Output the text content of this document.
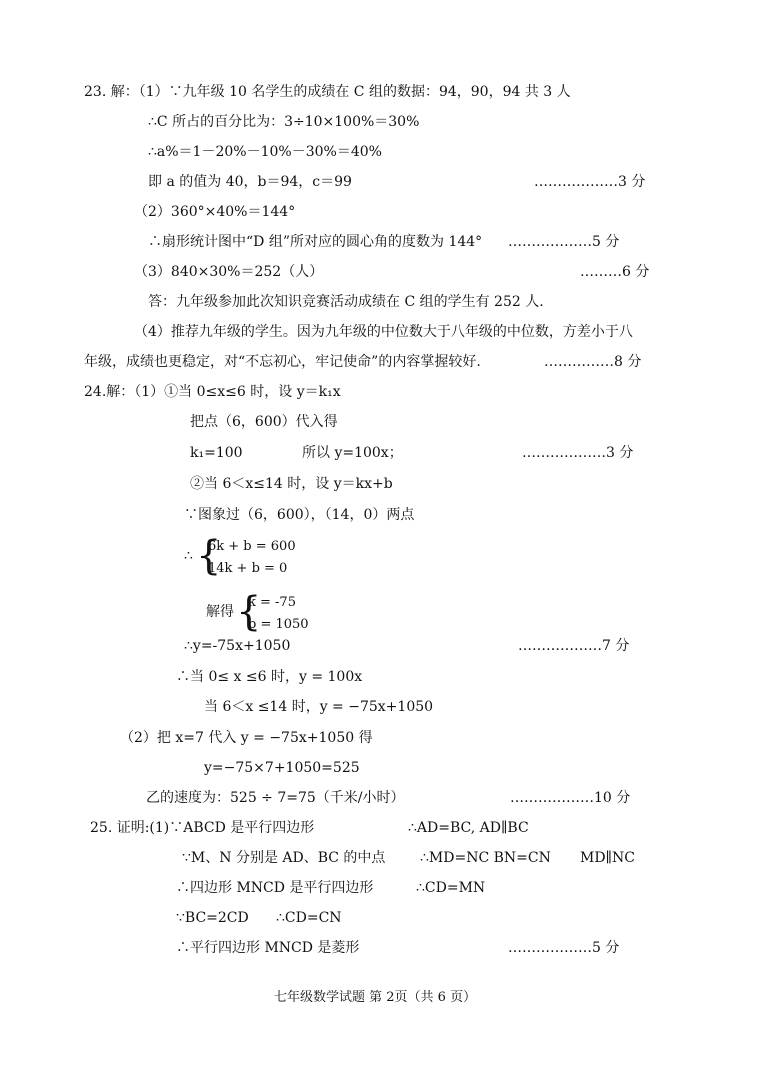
23. 解：（1）∵九年级 10 名学生的成绩在 C 组的数据：94，90，94 共 3 人
∴C 所占的百分比为：3÷10×100%＝30%
∴a%＝1－20%－10%－30%＝40%
即 a 的值为 40，b＝94，c＝99	………………3 分
（2）360°×40%＝144°
∴扇形统计图中“D 组”所对应的圆心角的度数为 144° ………………5 分
（3）840×30%＝252（人）	………6 分
答：九年级参加此次知识竞赛活动成绩在 C 组的学生有 252 人.
（4）推荐九年级的学生。因为九年级的中位数大于八年级的中位数，方差小于八
年级，成绩也更稳定，对“不忘初心，牢记使命”的内容掌握较好.	……………8 分
24.解：（1）①当 0≤x≤6 时，设 y＝k₁x
把点（6，600）代入得
k₁=100	所以 y=100x；	………………3 分
②当 6＜x≤14 时，设 y＝kx+b
∵图象过（6，600），（14，0）两点
∴ {
6k + b = 600
14k + b = 0
解得 {
k = -75
b = 1050
∴y=-75x+1050	………………7 分
∴当 0≤ x ≤6 时，y = 100x
当 6＜x ≤14 时，y = −75x+1050
（2）把 x=7 代入 y = −75x+1050 得
y=−75×7+1050=525
乙的速度为：525 ÷ 7=75（千米/小时）	………………10 分
25. 证明:(1)∵ABCD 是平行四边形	∴AD=BC, AD∥BC
∵M、N 分别是 AD、BC 的中点 ∴MD=NC BN=CN MD∥NC
∴四边形 MNCD 是平行四边形	∴CD=MN
∵BC=2CD ∴CD=CN
∴平行四边形 MNCD 是菱形	………………5 分
七年级数学试题 第 2页（共 6 页）
